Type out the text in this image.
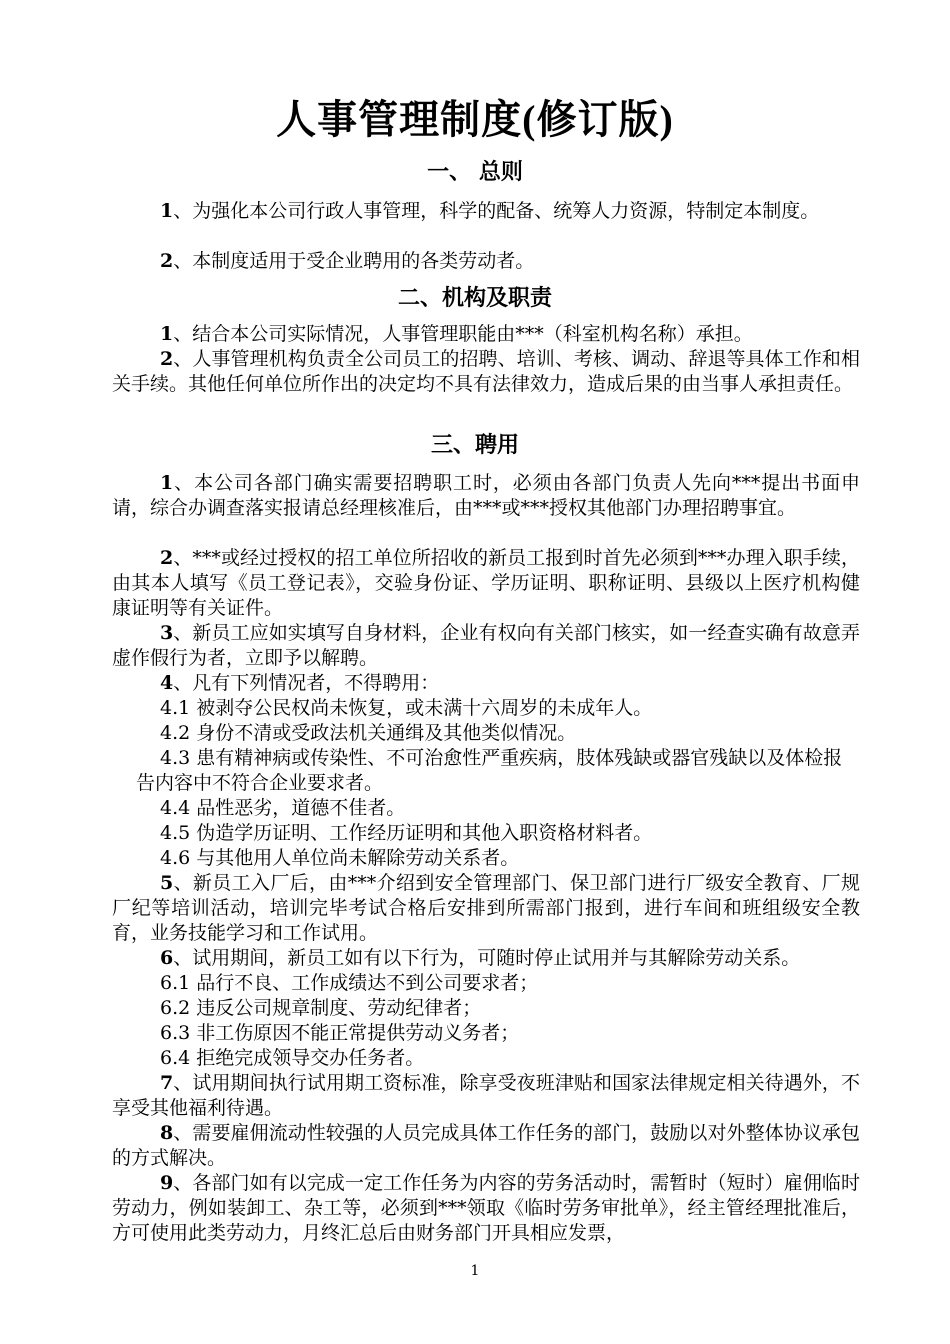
人事管理制度(修订版)
一、 总则

1、为强化本公司行政人事管理，科学的配备、统筹人力资源，特制定本制度。

2、本制度适用于受企业聘用的各类劳动者。

二、机构及职责

1、结合本公司实际情况，人事管理职能由***（科室机构名称）承担。

2、人事管理机构负责全公司员工的招聘、培训、考核、调动、辞退等具体工作和相关手续。其他任何单位所作出的决定均不具有法律效力，造成后果的由当事人承担责任。

三、聘用

1、本公司各部门确实需要招聘职工时，必须由各部门负责人先向***提出书面申请，综合办调查落实报请总经理核准后，由***或***授权其他部门办理招聘事宜。

2、***或经过授权的招工单位所招收的新员工报到时首先必须到***办理入职手续，由其本人填写《员工登记表》，交验身份证、学历证明、职称证明、县级以上医疗机构健康证明等有关证件。

3、新员工应如实填写自身材料，企业有权向有关部门核实，如一经查实确有故意弄虚作假行为者，立即予以解聘。

4、凡有下列情况者，不得聘用：

4.1 被剥夺公民权尚未恢复，或未满十六周岁的未成年人。

4.2 身份不清或受政法机关通缉及其他类似情况。

4.3 患有精神病或传染性、不可治愈性严重疾病，肢体残缺或器官残缺以及体检报告内容中不符合企业要求者。

4.4 品性恶劣，道德不佳者。

4.5 伪造学历证明、工作经历证明和其他入职资格材料者。

4.6 与其他用人单位尚未解除劳动关系者。

5、新员工入厂后，由***介绍到安全管理部门、保卫部门进行厂级安全教育、厂规厂纪等培训活动，培训完毕考试合格后安排到所需部门报到，进行车间和班组级安全教育，业务技能学习和工作试用。

6、试用期间，新员工如有以下行为，可随时停止试用并与其解除劳动关系。

6.1 品行不良、工作成绩达不到公司要求者；

6.2 违反公司规章制度、劳动纪律者；

6.3 非工伤原因不能正常提供劳动义务者；

6.4 拒绝完成领导交办任务者。

7、试用期间执行试用期工资标准，除享受夜班津贴和国家法律规定相关待遇外，不享受其他福利待遇。

8、需要雇佣流动性较强的人员完成具体工作任务的部门，鼓励以对外整体协议承包的方式解决。

9、各部门如有以完成一定工作任务为内容的劳务活动时，需暂时（短时）雇佣临时劳动力，例如装卸工、杂工等，必须到***领取《临时劳务审批单》，经主管经理批准后，方可使用此类劳动力，月终汇总后由财务部门开具相应发票，

1
